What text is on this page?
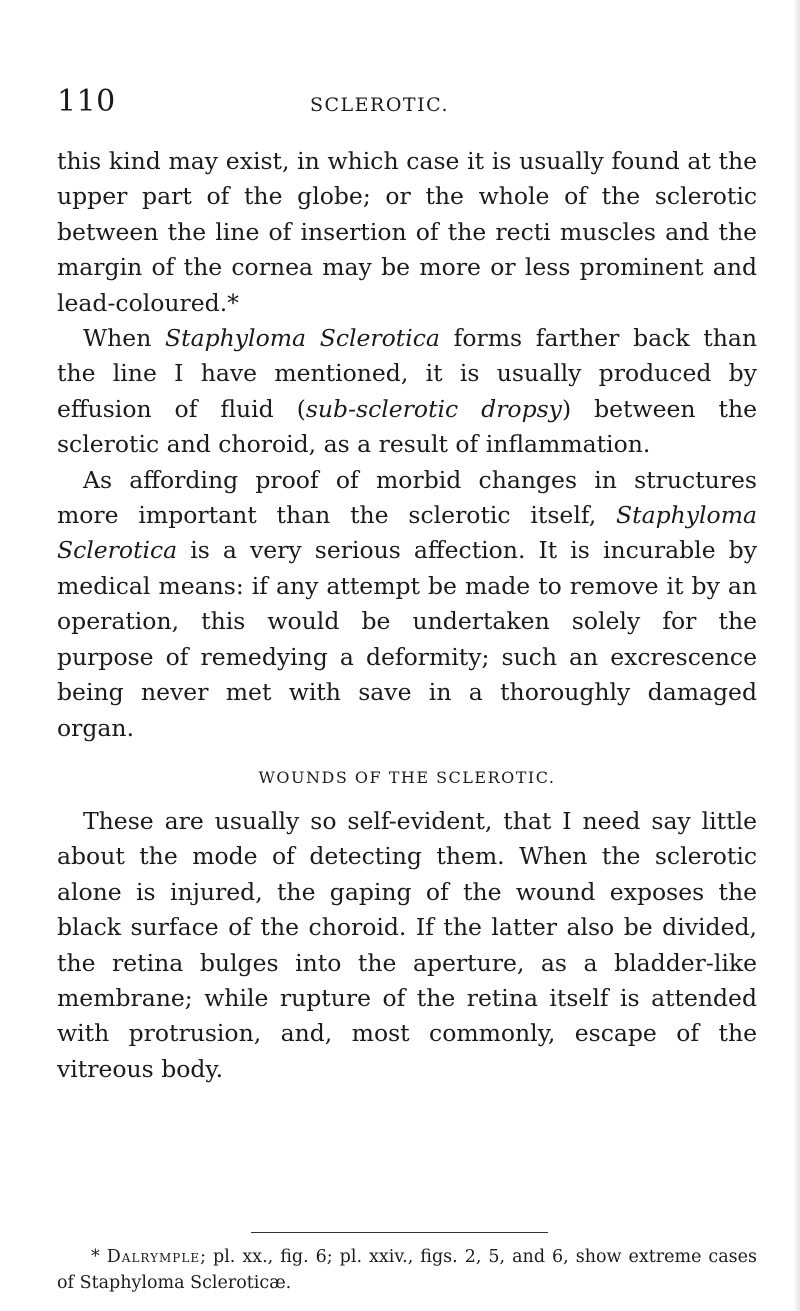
110	SCLEROTIC.

this kind may exist, in which case it is usually found at the upper part of the globe; or the whole of the sclerotic between the line of insertion of the recti muscles and the margin of the cornea may be more or less prominent and lead-coloured.*

When Staphyloma Sclerotica forms farther back than the line I have mentioned, it is usually produced by effusion of fluid (sub-sclerotic dropsy) between the sclerotic and choroid, as a result of inflammation.

As affording proof of morbid changes in structures more important than the sclerotic itself, Staphyloma Sclerotica is a very serious affection. It is incurable by medical means: if any attempt be made to remove it by an operation, this would be undertaken solely for the purpose of remedying a deformity; such an excrescence being never met with save in a thoroughly damaged organ.

WOUNDS OF THE SCLEROTIC.

These are usually so self-evident, that I need say little about the mode of detecting them. When the sclerotic alone is injured, the gaping of the wound exposes the black surface of the choroid. If the latter also be divided, the retina bulges into the aperture, as a bladder-like membrane; while rupture of the retina itself is attended with protrusion, and, most commonly, escape of the vitreous body.

* Dalrymple; pl. xx., fig. 6; pl. xxiv., figs. 2, 5, and 6, show extreme cases of Staphyloma Scleroticæ.
